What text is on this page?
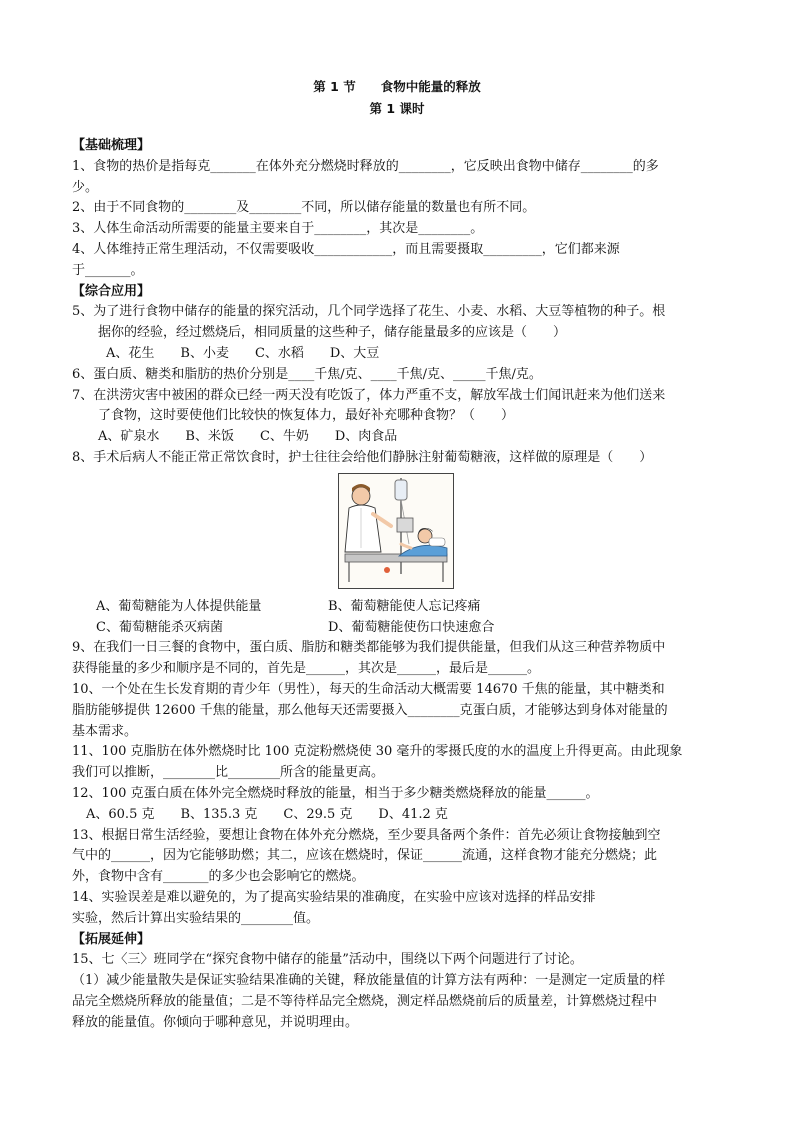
第 1 节　　食物中能量的释放
第 1 课时
【基础梳理】

1、食物的热价是指每克_______在体外充分燃烧时释放的________，它反映出食物中储存________的多

少。

2、由于不同食物的________及________不同，所以储存能量的数量也有所不同。

3、人体生命活动所需要的能量主要来自于________，其次是________。

4、人体维持正常生理活动，不仅需要吸收____________，而且需要摄取_________，它们都来源

于_______。

【综合应用】

5、为了进行食物中储存的能量的探究活动，几个同学选择了花生、小麦、水稻、大豆等植物的种子。根

据你的经验，经过燃烧后，相同质量的这些种子，储存能量最多的应该是（　　）

A、花生　　B、小麦　　C、水稻　　D、大豆

6、蛋白质、糖类和脂肪的热价分别是____千焦/克、____千焦/克、_____千焦/克。

7、在洪涝灾害中被困的群众已经一两天没有吃饭了，体力严重不支，解放军战士们闻讯赶来为他们送来

了食物，这时要使他们比较快的恢复体力，最好补充哪种食物？（　　）

A、矿泉水　　B、米饭　　C、牛奶　　D、肉食品

8、手术后病人不能正常正常饮食时，护士往往会给他们静脉注射葡萄糖液，这样做的原理是（　　）

A、葡萄糖能为人体提供能量	B、葡萄糖能使人忘记疼痛
C、葡萄糖能杀灭病菌	D、葡萄糖能使伤口快速愈合

9、在我们一日三餐的食物中，蛋白质、脂肪和糖类都能够为我们提供能量，但我们从这三种营养物质中

获得能量的多少和顺序是不同的，首先是______，其次是______，最后是______。

10、一个处在生长发育期的青少年（男性），每天的生命活动大概需要 14670 千焦的能量，其中糖类和

脂肪能够提供 12600 千焦的能量，那么他每天还需要摄入________克蛋白质，才能够达到身体对能量的

基本需求。

11、100 克脂肪在体外燃烧时比 100 克淀粉燃烧使 30 毫升的零摄氏度的水的温度上升得更高。由此现象

我们可以推断，________比________所含的能量更高。

12、100 克蛋白质在体外完全燃烧时释放的能量，相当于多少糖类燃烧释放的能量______。

A、60.5 克　　B、135.3 克　　C、29.5 克　　D、41.2 克

13、根据日常生活经验，要想让食物在体外充分燃烧，至少要具备两个条件：首先必须让食物接触到空

气中的______，因为它能够助燃；其二，应该在燃烧时，保证______流通，这样食物才能充分燃烧；此

外，食物中含有_______的多少也会影响它的燃烧。

14、实验误差是难以避免的，为了提高实验结果的准确度，在实验中应该对选择的样品安排

实验，然后计算出实验结果的________值。

【拓展延伸】

15、七〈三〉班同学在“探究食物中储存的能量”活动中，围绕以下两个问题进行了讨论。

（1）减少能量散失是保证实验结果准确的关键，释放能量值的计算方法有两种：一是测定一定质量的样

品完全燃烧所释放的能量值；二是不等待样品完全燃烧，测定样品燃烧前后的质量差，计算燃烧过程中

释放的能量值。你倾向于哪种意见，并说明理由。
